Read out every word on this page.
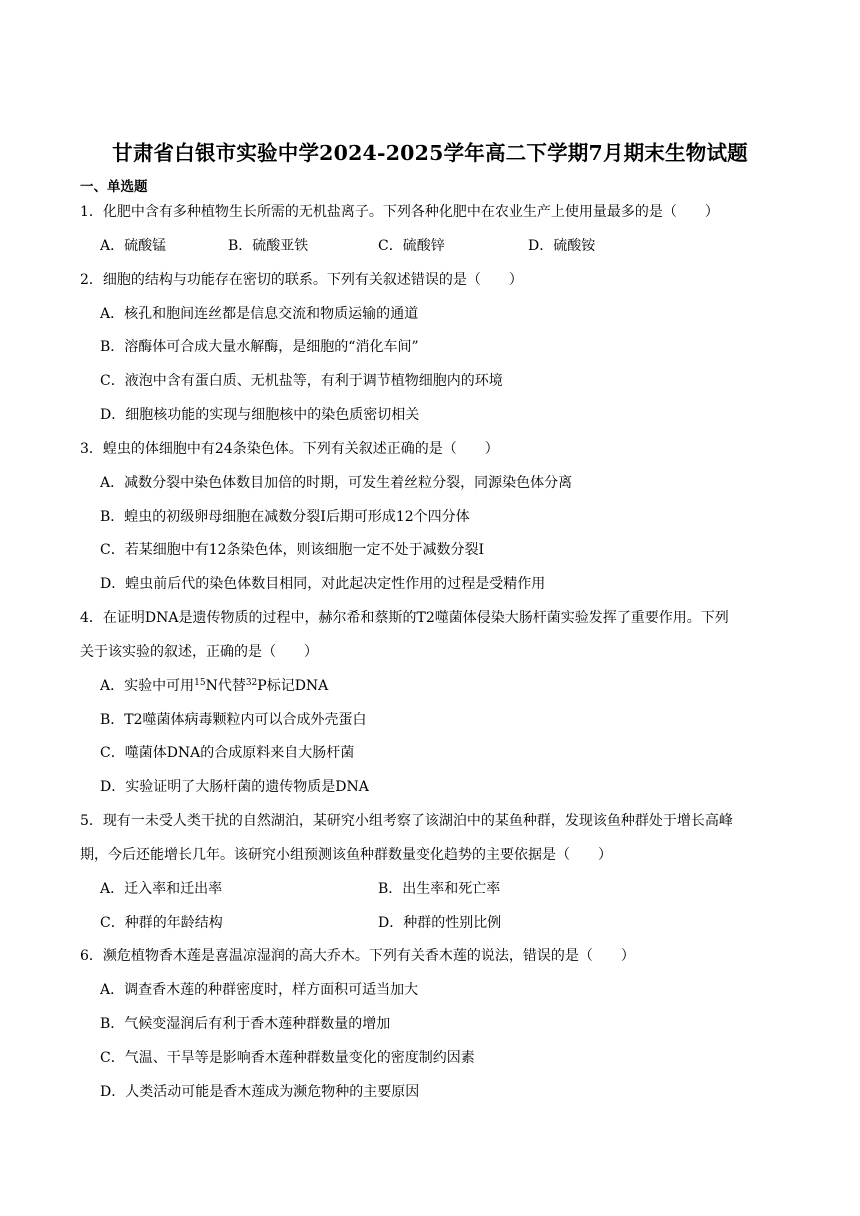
甘肃省白银市实验中学2024-2025学年高二下学期7月期末生物试题
一、单选题
1．化肥中含有多种植物生长所需的无机盐离子。下列各种化肥中在农业生产上使用量最多的是（　　）
A．硫酸锰	B．硫酸亚铁	C．硫酸锌	D．硫酸铵
2．细胞的结构与功能存在密切的联系。下列有关叙述错误的是（　　）
A．核孔和胞间连丝都是信息交流和物质运输的通道
B．溶酶体可合成大量水解酶，是细胞的“消化车间”
C．液泡中含有蛋白质、无机盐等，有利于调节植物细胞内的环境
D．细胞核功能的实现与细胞核中的染色质密切相关
3．蝗虫的体细胞中有24条染色体。下列有关叙述正确的是（　　）
A．减数分裂中染色体数目加倍的时期，可发生着丝粒分裂，同源染色体分离
B．蝗虫的初级卵母细胞在减数分裂Ⅰ后期可形成12个四分体
C．若某细胞中有12条染色体，则该细胞一定不处于减数分裂Ⅰ
D．蝗虫前后代的染色体数目相同，对此起决定性作用的过程是受精作用
4．在证明DNA是遗传物质的过程中，赫尔希和蔡斯的T2噬菌体侵染大肠杆菌实验发挥了重要作用。下列
关于该实验的叙述，正确的是（　　）
A．实验中可用$^{15}$N代替$^{32}$P标记DNA
B．T2噬菌体病毒颗粒内可以合成外壳蛋白
C．噬菌体DNA的合成原料来自大肠杆菌
D．实验证明了大肠杆菌的遗传物质是DNA
5．现有一未受人类干扰的自然湖泊，某研究小组考察了该湖泊中的某鱼种群，发现该鱼种群处于增长高峰
期，今后还能增长几年。该研究小组预测该鱼种群数量变化趋势的主要依据是（　　）
A．迁入率和迁出率	B．出生率和死亡率
C．种群的年龄结构	D．种群的性别比例
6．濒危植物香木莲是喜温凉湿润的高大乔木。下列有关香木莲的说法，错误的是（　　）
A．调查香木莲的种群密度时，样方面积可适当加大
B．气候变湿润后有利于香木莲种群数量的增加
C．气温、干旱等是影响香木莲种群数量变化的密度制约因素
D．人类活动可能是香木莲成为濒危物种的主要原因
